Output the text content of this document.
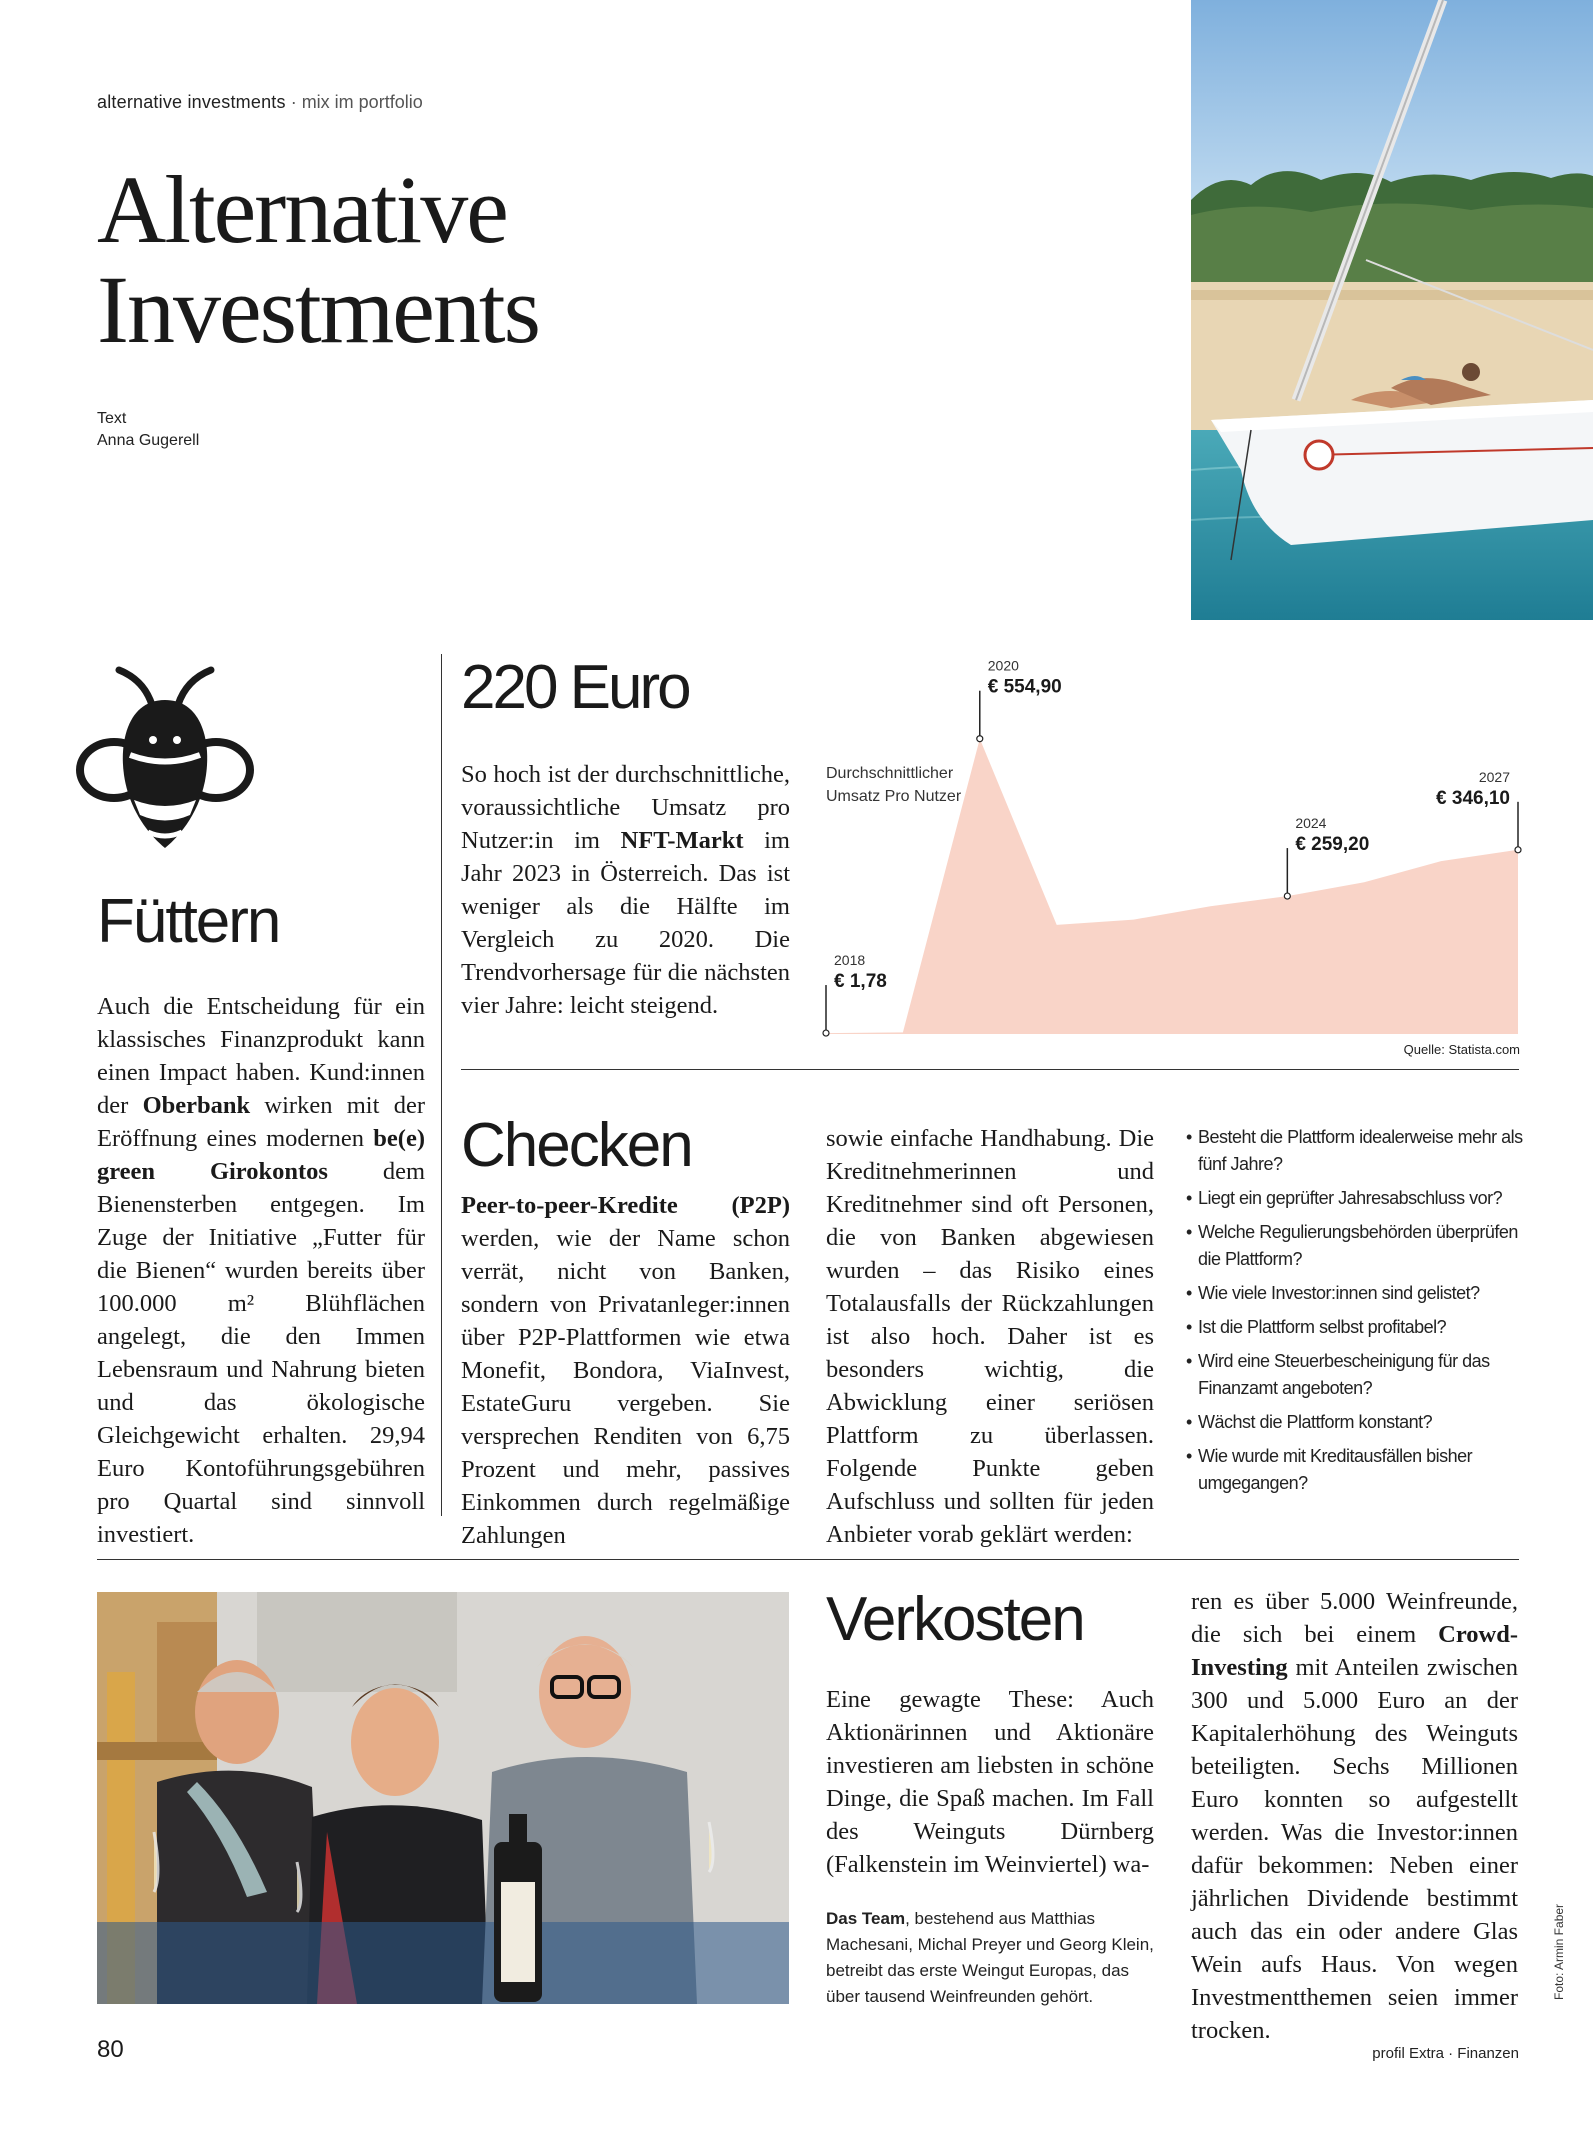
alternative investments · mix im portfolio
Alternative
Investments
Text
Anna Gugerell
Füttern
Auch die Entscheidung für ein klassisches Finanzprodukt kann einen Impact haben. Kund:innen der Oberbank wirken mit der Eröffnung eines modernen be(e) green Girokontos dem Bienensterben entgegen. Im Zuge der Initiative „Futter für die Bienen“ wurden bereits über 100.000 m² Blühflächen angelegt, die den Immen Lebensraum und Nahrung bieten und das ökologische Gleichgewicht erhalten. 29,94 Euro Kontoführungsgebühren pro Quartal sind sinnvoll investiert.
220 Euro
So hoch ist der durchschnittliche, voraussichtliche Umsatz pro Nutzer:in im NFT-Markt im Jahr 2023 in Österreich. Das ist weniger als die Hälfte im Vergleich zu 2020. Die Trendvorhersage für die nächsten vier Jahre: leicht steigend.
Durchschnittlicher
Umsatz Pro Nutzer
2018
€ 1,78
2020
€ 554,90
2024
€ 259,20
2027
€ 346,10
Quelle: Statista.com
Checken
Peer-to-peer-Kredite (P2P)
werden, wie der Name schon verrät, nicht von Banken, sondern von Privatanleger:innen über P2P-Plattformen wie etwa Monefit, Bondora, ViaInvest, EstateGuru vergeben. Sie versprechen Renditen von 6,75 Prozent und mehr, passives Einkommen durch regelmäßige Zahlungen
sowie einfache Handhabung. Die Kreditnehmerinnen und Kreditnehmer sind oft Personen, die von Banken abgewiesen wurden – das Risiko eines Totalausfalls der Rückzahlungen ist also hoch. Daher ist es besonders wichtig, die Abwicklung einer seriösen Plattform zu überlassen. Folgende Punkte geben Aufschluss und sollten für jeden Anbieter vorab geklärt werden:
• Besteht die Plattform idealerweise mehr als fünf Jahre?
• Liegt ein geprüfter Jahresabschluss vor?
• Welche Regulierungsbehörden überprüfen die Plattform?
• Wie viele Investor:innen sind gelistet?
• Ist die Plattform selbst profitabel?
• Wird eine Steuerbescheinigung für das Finanzamt angeboten?
• Wächst die Plattform konstant?
• Wie wurde mit Kreditausfällen bisher umgegangen?
Verkosten
Eine gewagte These: Auch Aktionärinnen und Aktionäre investieren am liebsten in schöne Dinge, die Spaß machen. Im Fall des Weinguts Dürnberg (Falkenstein im Weinviertel) wa-
Das Team, bestehend aus Matthias Machesani, Michal Preyer und Georg Klein, betreibt das erste Weingut Europas, das über tausend Weinfreunden gehört.
ren es über 5.000 Weinfreunde, die sich bei einem Crowd-Investing mit Anteilen zwischen 300 und 5.000 Euro an der Kapitalerhöhung des Weinguts beteiligten. Sechs Millionen Euro konnten so aufgestellt werden. Was die Investor:innen dafür bekommen: Neben einer jährlichen Dividende bestimmt auch das ein oder andere Glas Wein aufs Haus. Von wegen Investmentthemen seien immer trocken.
Foto: Armin Faber
80	profil Extra · Finanzen
